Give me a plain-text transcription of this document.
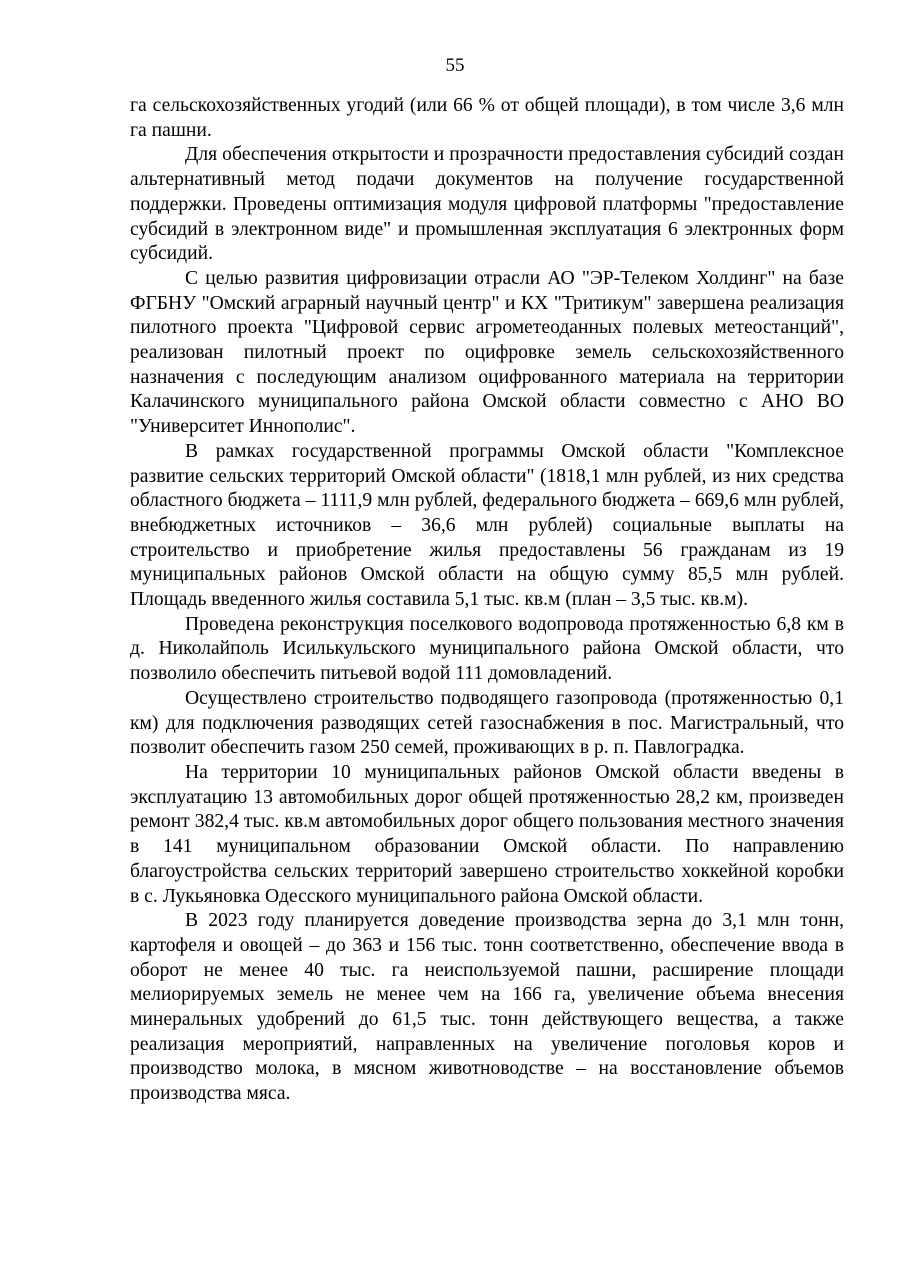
55

га сельскохозяйственных угодий (или 66 % от общей площади), в том числе 3,6 млн га пашни.

Для обеспечения открытости и прозрачности предоставления субсидий создан альтернативный метод подачи документов на получение государственной поддержки. Проведены оптимизация модуля цифровой платформы "предоставление субсидий в электронном виде" и промышленная эксплуатация 6 электронных форм субсидий.

С целью развития цифровизации отрасли АО "ЭР-Телеком Холдинг" на базе ФГБНУ "Омский аграрный научный центр" и КХ "Тритикум" завершена реализация пилотного проекта "Цифровой сервис агрометеоданных полевых метеостанций", реализован пилотный проект по оцифровке земель сельскохозяйственного назначения с последующим анализом оцифрованного материала на территории Калачинского муниципального района Омской области совместно с АНО ВО "Университет Иннополис".

В рамках государственной программы Омской области "Комплексное развитие сельских территорий Омской области" (1818,1 млн рублей, из них средства областного бюджета – 1111,9 млн рублей, федерального бюджета – 669,6 млн рублей, внебюджетных источников – 36,6 млн рублей) социальные выплаты на строительство и приобретение жилья предоставлены 56 гражданам из 19 муниципальных районов Омской области на общую сумму 85,5 млн рублей. Площадь введенного жилья составила 5,1 тыс. кв.м (план – 3,5 тыс. кв.м).

Проведена реконструкция поселкового водопровода протяженностью 6,8 км в д. Николайполь Исилькульского муниципального района Омской области, что позволило обеспечить питьевой водой 111 домовладений.

Осуществлено строительство подводящего газопровода (протяженностью 0,1 км) для подключения разводящих сетей газоснабжения в пос. Магистральный, что позволит обеспечить газом 250 семей, проживающих в р. п. Павлоградка.

На территории 10 муниципальных районов Омской области введены в эксплуатацию 13 автомобильных дорог общей протяженностью 28,2 км, произведен ремонт 382,4 тыс. кв.м автомобильных дорог общего пользования местного значения в 141 муниципальном образовании Омской области. По направлению благоустройства сельских территорий завершено строительство хоккейной коробки в с. Лукьяновка Одесского муниципального района Омской области.

В 2023 году планируется доведение производства зерна до 3,1 млн тонн, картофеля и овощей – до 363 и 156 тыс. тонн соответственно, обеспечение ввода в оборот не менее 40 тыс. га неиспользуемой пашни, расширение площади мелиорируемых земель не менее чем на 166 га, увеличение объема внесения минеральных удобрений до 61,5 тыс. тонн действующего вещества, а также реализация мероприятий, направленных на увеличение поголовья коров и производство молока, в мясном животноводстве – на восстановление объемов производства мяса.
